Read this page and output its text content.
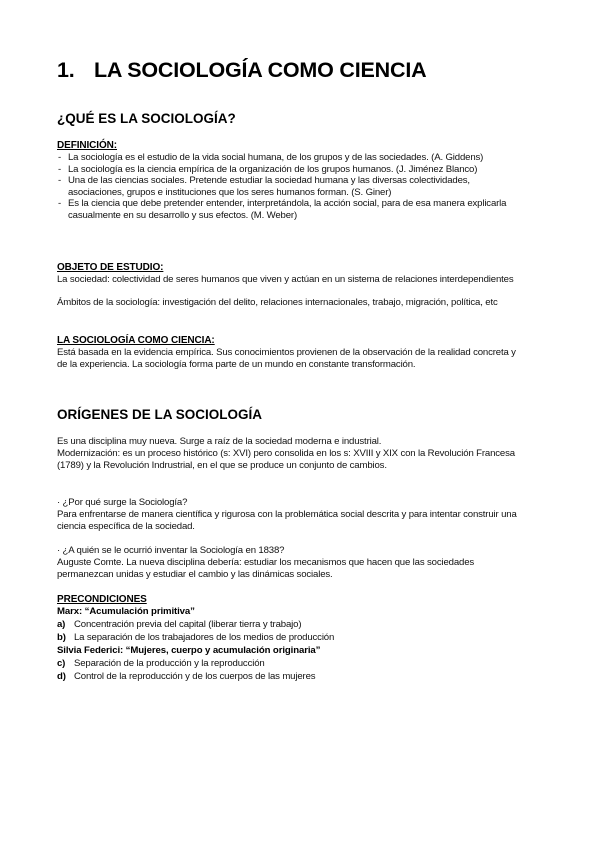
1. LA SOCIOLOGÍA COMO CIENCIA
¿QUÉ ES LA SOCIOLOGÍA?
DEFINICIÓN:
- La sociología es el estudio de la vida social humana, de los grupos y de las sociedades. (A. Giddens)
- La sociología es la ciencia empírica de la organización de los grupos humanos. (J. Jiménez Blanco)
- Una de las ciencias sociales. Pretende estudiar la sociedad humana y las diversas colectividades, asociaciones, grupos e instituciones que los seres humanos forman. (S. Giner)
- Es la ciencia que debe pretender entender, interpretándola, la acción social, para de esa manera explicarla casualmente en su desarrollo y sus efectos. (M. Weber)
OBJETO DE ESTUDIO:
La sociedad: colectividad de seres humanos que viven y actúan en un sistema de relaciones interdependientes
Ámbitos de la sociología: investigación del delito, relaciones internacionales, trabajo, migración, política, etc
LA SOCIOLOGÍA COMO CIENCIA:
Está basada en la evidencia empírica. Sus conocimientos provienen de la observación de la realidad concreta y de la experiencia. La sociología forma parte de un mundo en constante transformación.
ORÍGENES DE LA SOCIOLOGÍA
Es una disciplina muy nueva. Surge a raíz de la sociedad moderna e industrial.
Modernización: es un proceso histórico (s: XVI) pero consolida en los s: XVIII y XIX con la Revolución Francesa (1789) y la Revolución Indrustrial, en el que se produce un conjunto de cambios.
· ¿Por qué surge la Sociología?
Para enfrentarse de manera científica y rigurosa con la problemática social descrita y para intentar construir una ciencia específica de la sociedad.
· ¿A quién se le ocurrió inventar la Sociología en 1838?
Auguste Comte. La nueva disciplina debería: estudiar los mecanismos que hacen que las sociedades permanezcan unidas y estudiar el cambio y las dinámicas sociales.
PRECONDICIONES
Marx: “Acumulación primitiva”
a) Concentración previa del capital (liberar tierra y trabajo)
b) La separación de los trabajadores de los medios de producción
Silvia Federici: “Mujeres, cuerpo y acumulación originaria”
c) Separación de la producción y la reproducción
d) Control de la reproducción y de los cuerpos de las mujeres
